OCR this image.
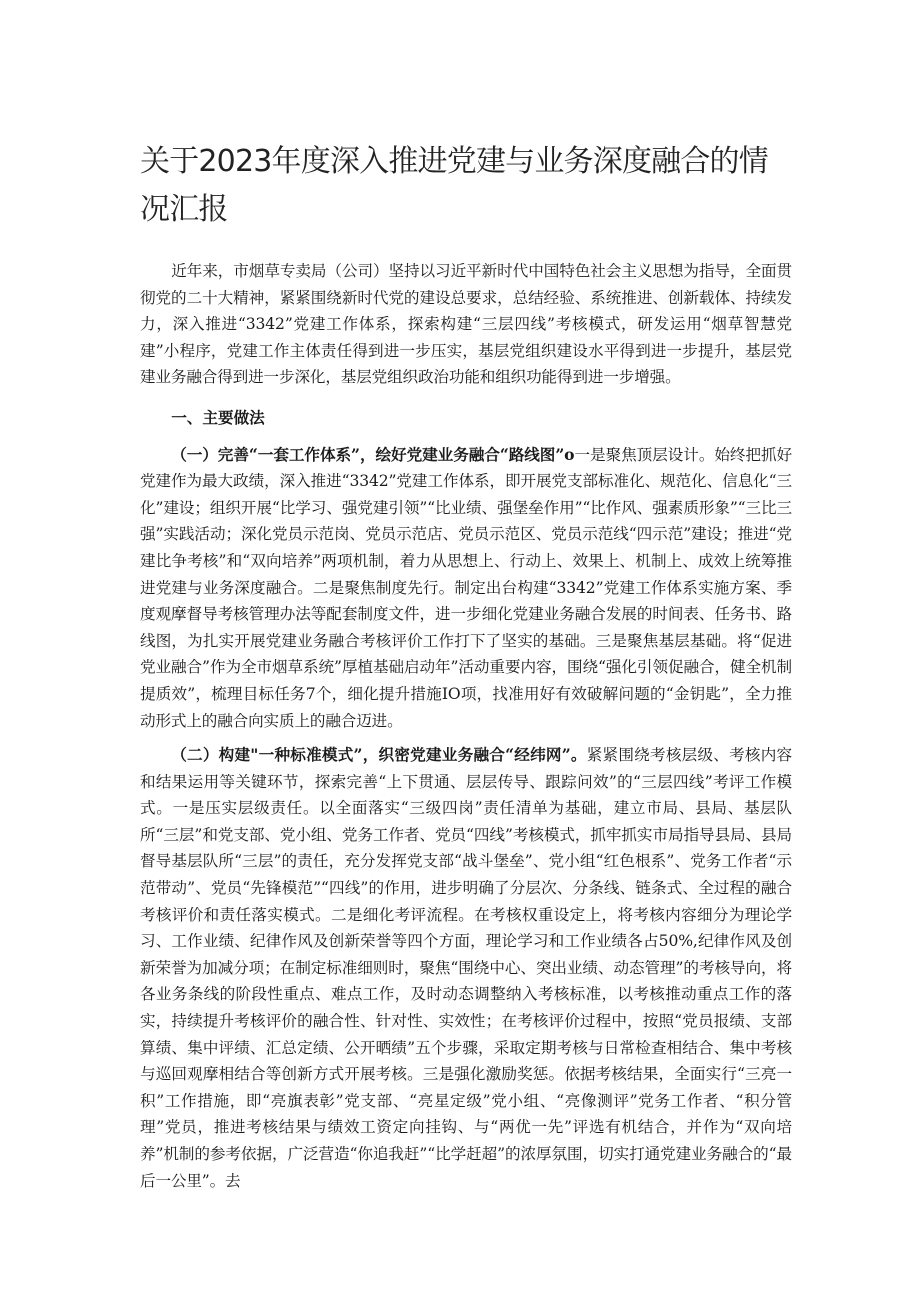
关于2023年度深入推进党建与业务深度融合的情况汇报

近年来，市烟草专卖局（公司）坚持以习近平新时代中国特色社会主义思想为指导，全面贯彻党的二十大精神，紧紧围绕新时代党的建设总要求，总结经验、系统推进、创新载体、持续发力，深入推进“3342”党建工作体系，探索构建“三层四线”考核模式，研发运用“烟草智慧党建”小程序，党建工作主体责任得到进一步压实，基层党组织建设水平得到进一步提升，基层党建业务融合得到进一步深化，基层党组织政治功能和组织功能得到进一步增强。

一、主要做法

（一）完善“一套工作体系”，绘好党建业务融合“路线图”o一是聚焦顶层设计。始终把抓好党建作为最大政绩，深入推进“3342”党建工作体系，即开展党支部标准化、规范化、信息化“三化”建设；组织开展“比学习、强党建引领”“比业绩、强堡垒作用”“比作风、强素质形象”“三比三强”实践活动；深化党员示范岗、党员示范店、党员示范区、党员示范线“四示范”建设；推进“党建比争考核”和“双向培养”两项机制，着力从思想上、行动上、效果上、机制上、成效上统筹推进党建与业务深度融合。二是聚焦制度先行。制定出台构建“3342”党建工作体系实施方案、季度观摩督导考核管理办法等配套制度文件，进一步细化党建业务融合发展的时间表、任务书、路线图，为扎实开展党建业务融合考核评价工作打下了坚实的基础。三是聚焦基层基础。将“促进党业融合”作为全市烟草系统”厚植基础启动年”活动重要内容，围绕“强化引领促融合，健全机制提质效”，梳理目标任务7个，细化提升措施IO项，找准用好有效破解问题的“金钥匙”，全力推动形式上的融合向实质上的融合迈进。

（二）构建"一种标准模式”，织密党建业务融合“经纬网”。紧紧围绕考核层级、考核内容和结果运用等关键环节，探索完善“上下贯通、层层传导、跟踪问效”的“三层四线”考评工作模式。一是压实层级责任。以全面落实“三级四岗”责任清单为基础，建立市局、县局、基层队所“三层”和党支部、党小组、党务工作者、党员“四线”考核模式，抓牢抓实市局指导县局、县局督导基层队所“三层”的责任，充分发挥党支部“战斗堡垒”、党小组“红色根系”、党务工作者“示范带动”、党员“先锋模范”“四线”的作用，进步明确了分层次、分条线、链条式、全过程的融合考核评价和责任落实模式。二是细化考评流程。在考核权重设定上，将考核内容细分为理论学习、工作业绩、纪律作风及创新荣誉等四个方面，理论学习和工作业绩各占50%,纪律作风及创新荣誉为加减分项；在制定标准细则时，聚焦“围绕中心、突出业绩、动态管理”的考核导向，将各业务条线的阶段性重点、难点工作，及时动态调整纳入考核标准，以考核推动重点工作的落实，持续提升考核评价的融合性、针对性、实效性；在考核评价过程中，按照“党员报绩、支部算绩、集中评绩、汇总定绩、公开晒绩”五个步骤，采取定期考核与日常检查相结合、集中考核与巡回观摩相结合等创新方式开展考核。三是强化激励奖惩。依据考核结果，全面实行“三亮一积”工作措施，即“亮旗表彰”党支部、“亮星定级”党小组、“亮像测评”党务工作者、“积分管理”党员，推进考核结果与绩效工资定向挂钩、与“两优一先”评选有机结合，并作为“双向培养”机制的参考依据，广泛营造“你追我赶”“比学赶超”的浓厚氛围，切实打通党建业务融合的“最后一公里”。去
